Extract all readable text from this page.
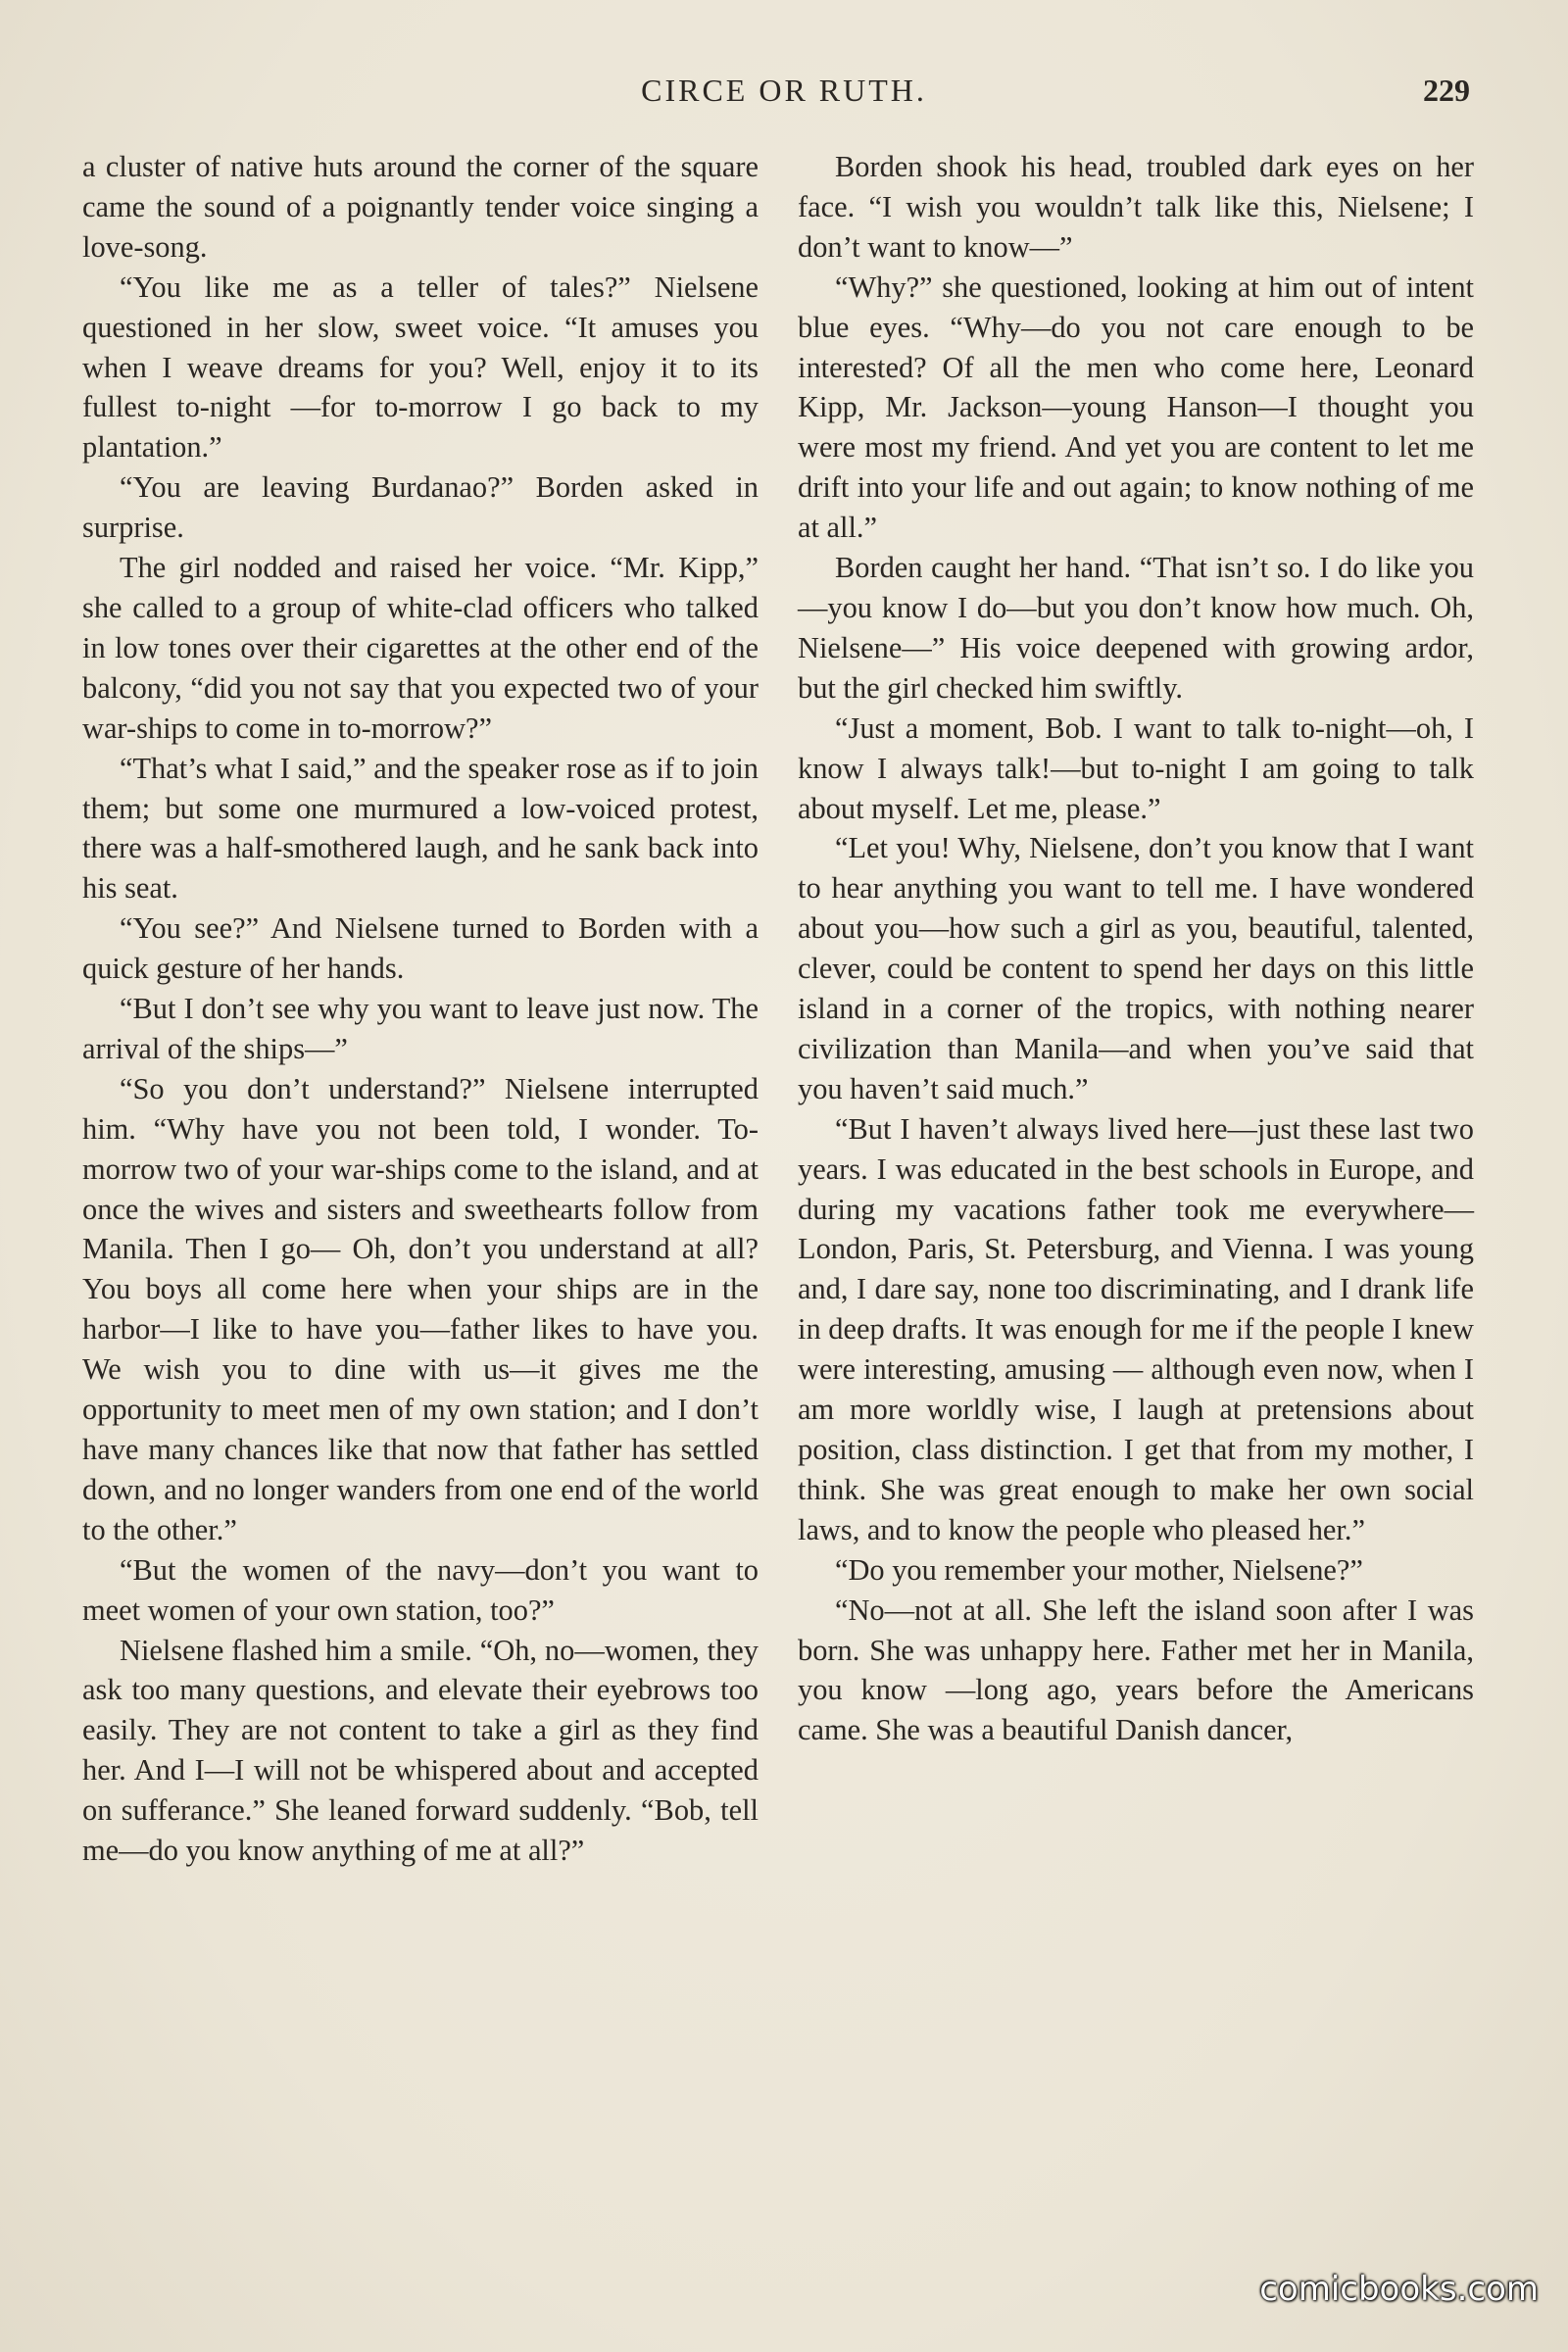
CIRCE OR RUTH.	229

a cluster of native huts around the corner of the square came the sound of a poignantly tender voice singing a love-song.

“You like me as a teller of tales?” Nielsene questioned in her slow, sweet voice. “It amuses you when I weave dreams for you? Well, enjoy it to its fullest to-night —for to-morrow I go back to my plantation.”

“You are leaving Burdanao?” Borden asked in surprise.

The girl nodded and raised her voice. “Mr. Kipp,” she called to a group of white-clad officers who talked in low tones over their cigarettes at the other end of the balcony, “did you not say that you expected two of your war-ships to come in to-morrow?”

“That’s what I said,” and the speaker rose as if to join them; but some one murmured a low-voiced protest, there was a half-smothered laugh, and he sank back into his seat.

“You see?” And Nielsene turned to Borden with a quick gesture of her hands.

“But I don’t see why you want to leave just now. The arrival of the ships—”

“So you don’t understand?” Nielsene interrupted him. “Why have you not been told, I wonder. To-morrow two of your war-ships come to the island, and at once the wives and sisters and sweethearts follow from Manila. Then I go— Oh, don’t you understand at all? You boys all come here when your ships are in the harbor—I like to have you—father likes to have you. We wish you to dine with us—it gives me the opportunity to meet men of my own station; and I don’t have many chances like that now that father has settled down, and no longer wanders from one end of the world to the other.”

“But the women of the navy—don’t you want to meet women of your own station, too?”

Nielsene flashed him a smile. “Oh, no—women, they ask too many questions, and elevate their eyebrows too easily. They are not content to take a girl as they find her. And I—I will not be whispered about and accepted on sufferance.” She leaned forward suddenly. “Bob, tell me—do you know anything of me at all?”

Borden shook his head, troubled dark eyes on her face. “I wish you wouldn’t talk like this, Nielsene; I don’t want to know—”

“Why?” she questioned, looking at him out of intent blue eyes. “Why—do you not care enough to be interested? Of all the men who come here, Leonard Kipp, Mr. Jackson—young Hanson—I thought you were most my friend. And yet you are content to let me drift into your life and out again; to know nothing of me at all.”

Borden caught her hand. “That isn’t so. I do like you—you know I do—but you don’t know how much. Oh, Nielsene—” His voice deepened with growing ardor, but the girl checked him swiftly.

“Just a moment, Bob. I want to talk to-night—oh, I know I always talk!—but to-night I am going to talk about myself. Let me, please.”

“Let you! Why, Nielsene, don’t you know that I want to hear anything you want to tell me. I have wondered about you—how such a girl as you, beautiful, talented, clever, could be content to spend her days on this little island in a corner of the tropics, with nothing nearer civilization than Manila—and when you’ve said that you haven’t said much.”

“But I haven’t always lived here—just these last two years. I was educated in the best schools in Europe, and during my vacations father took me everywhere—London, Paris, St. Petersburg, and Vienna. I was young and, I dare say, none too discriminating, and I drank life in deep drafts. It was enough for me if the people I knew were interesting, amusing — although even now, when I am more worldly wise, I laugh at pretensions about position, class distinction. I get that from my mother, I think. She was great enough to make her own social laws, and to know the people who pleased her.”

“Do you remember your mother, Nielsene?”

“No—not at all. She left the island soon after I was born. She was unhappy here. Father met her in Manila, you know —long ago, years before the Americans came. She was a beautiful Danish dancer,

comicbooks.com
